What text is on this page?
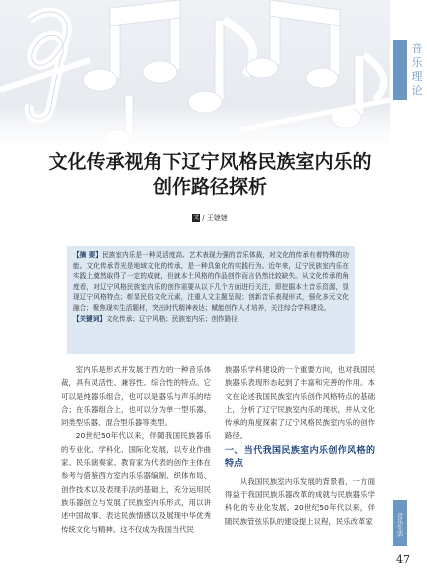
音
乐
理
论
音
乐
生
活
47
文化传承视角下辽宁风格民族室内乐的
创作路径探析
文 / 王婕婕
【摘 要】民族室内乐是一种灵活度高、艺术表现力强的音乐体裁，对文化的传承有着特殊的功能。文化传承青光是地域文化的传承，是一种具象化的实践行为。近年来，辽宁民族室内乐在实践上奠然取得了一定的成就，但就本土风格的作品创作而言仍然比较缺失。从文化传承的角度看，对辽宁风格民族室内乐的创作需要从以下几个方面进行关注，即挖掘本土音乐资源，显现辽宁风格特点；彰显民俗文化元素，注重人文主题呈现；创新音乐表现形式，强化多元文化融合；聚焦现实生活题材，突出时代精神表达；赋能创作人才培养，关注综合学科建设。
【关键词】文化传承；辽宁风格；民族室内乐；创作路径

室内乐是形式并发展于西方的一种音乐体裁，具有灵活性、兼容性、综合性的特点。它可以是纯器乐组合，也可以是器乐与声乐的结合；在乐器组合上，也可以分为单一型乐器、同类型乐器、混合型乐器等类型。

20世纪50年代以来，伴随我国民族器乐的专业化、学科化、国际化发展，以专业作曲家、民乐演奏家、教育家为代表的创作主体在参考与借鉴西方室内乐乐器编制、织体布局、创作技术以及表现手法的基础上，充分运用民族乐器创立与发展了民族室内乐形式，用以讲述中国故事、表达民族情感以及展现中华优秀传统文化与精神。这不仅成为我国当代民

族器乐学科建设的一个重要方向，也对我国民族器乐表现形态起到了丰富和完善的作用。本文在论述我国民族室内乐创作风格特点的基础上，分析了辽宁民族室内乐的现状，并从文化传承的角度探索了辽宁风格民族室内乐的创作路径。

一、当代我国民族室内乐创作风格的特点

从我国民族室内乐发展的背景看，一方面得益于我国民族乐器改革的成就与民族器乐学科化的专业化发展。20世纪50年代以来，伴随民族管弦乐队的建设提上议程，民乐改革家
